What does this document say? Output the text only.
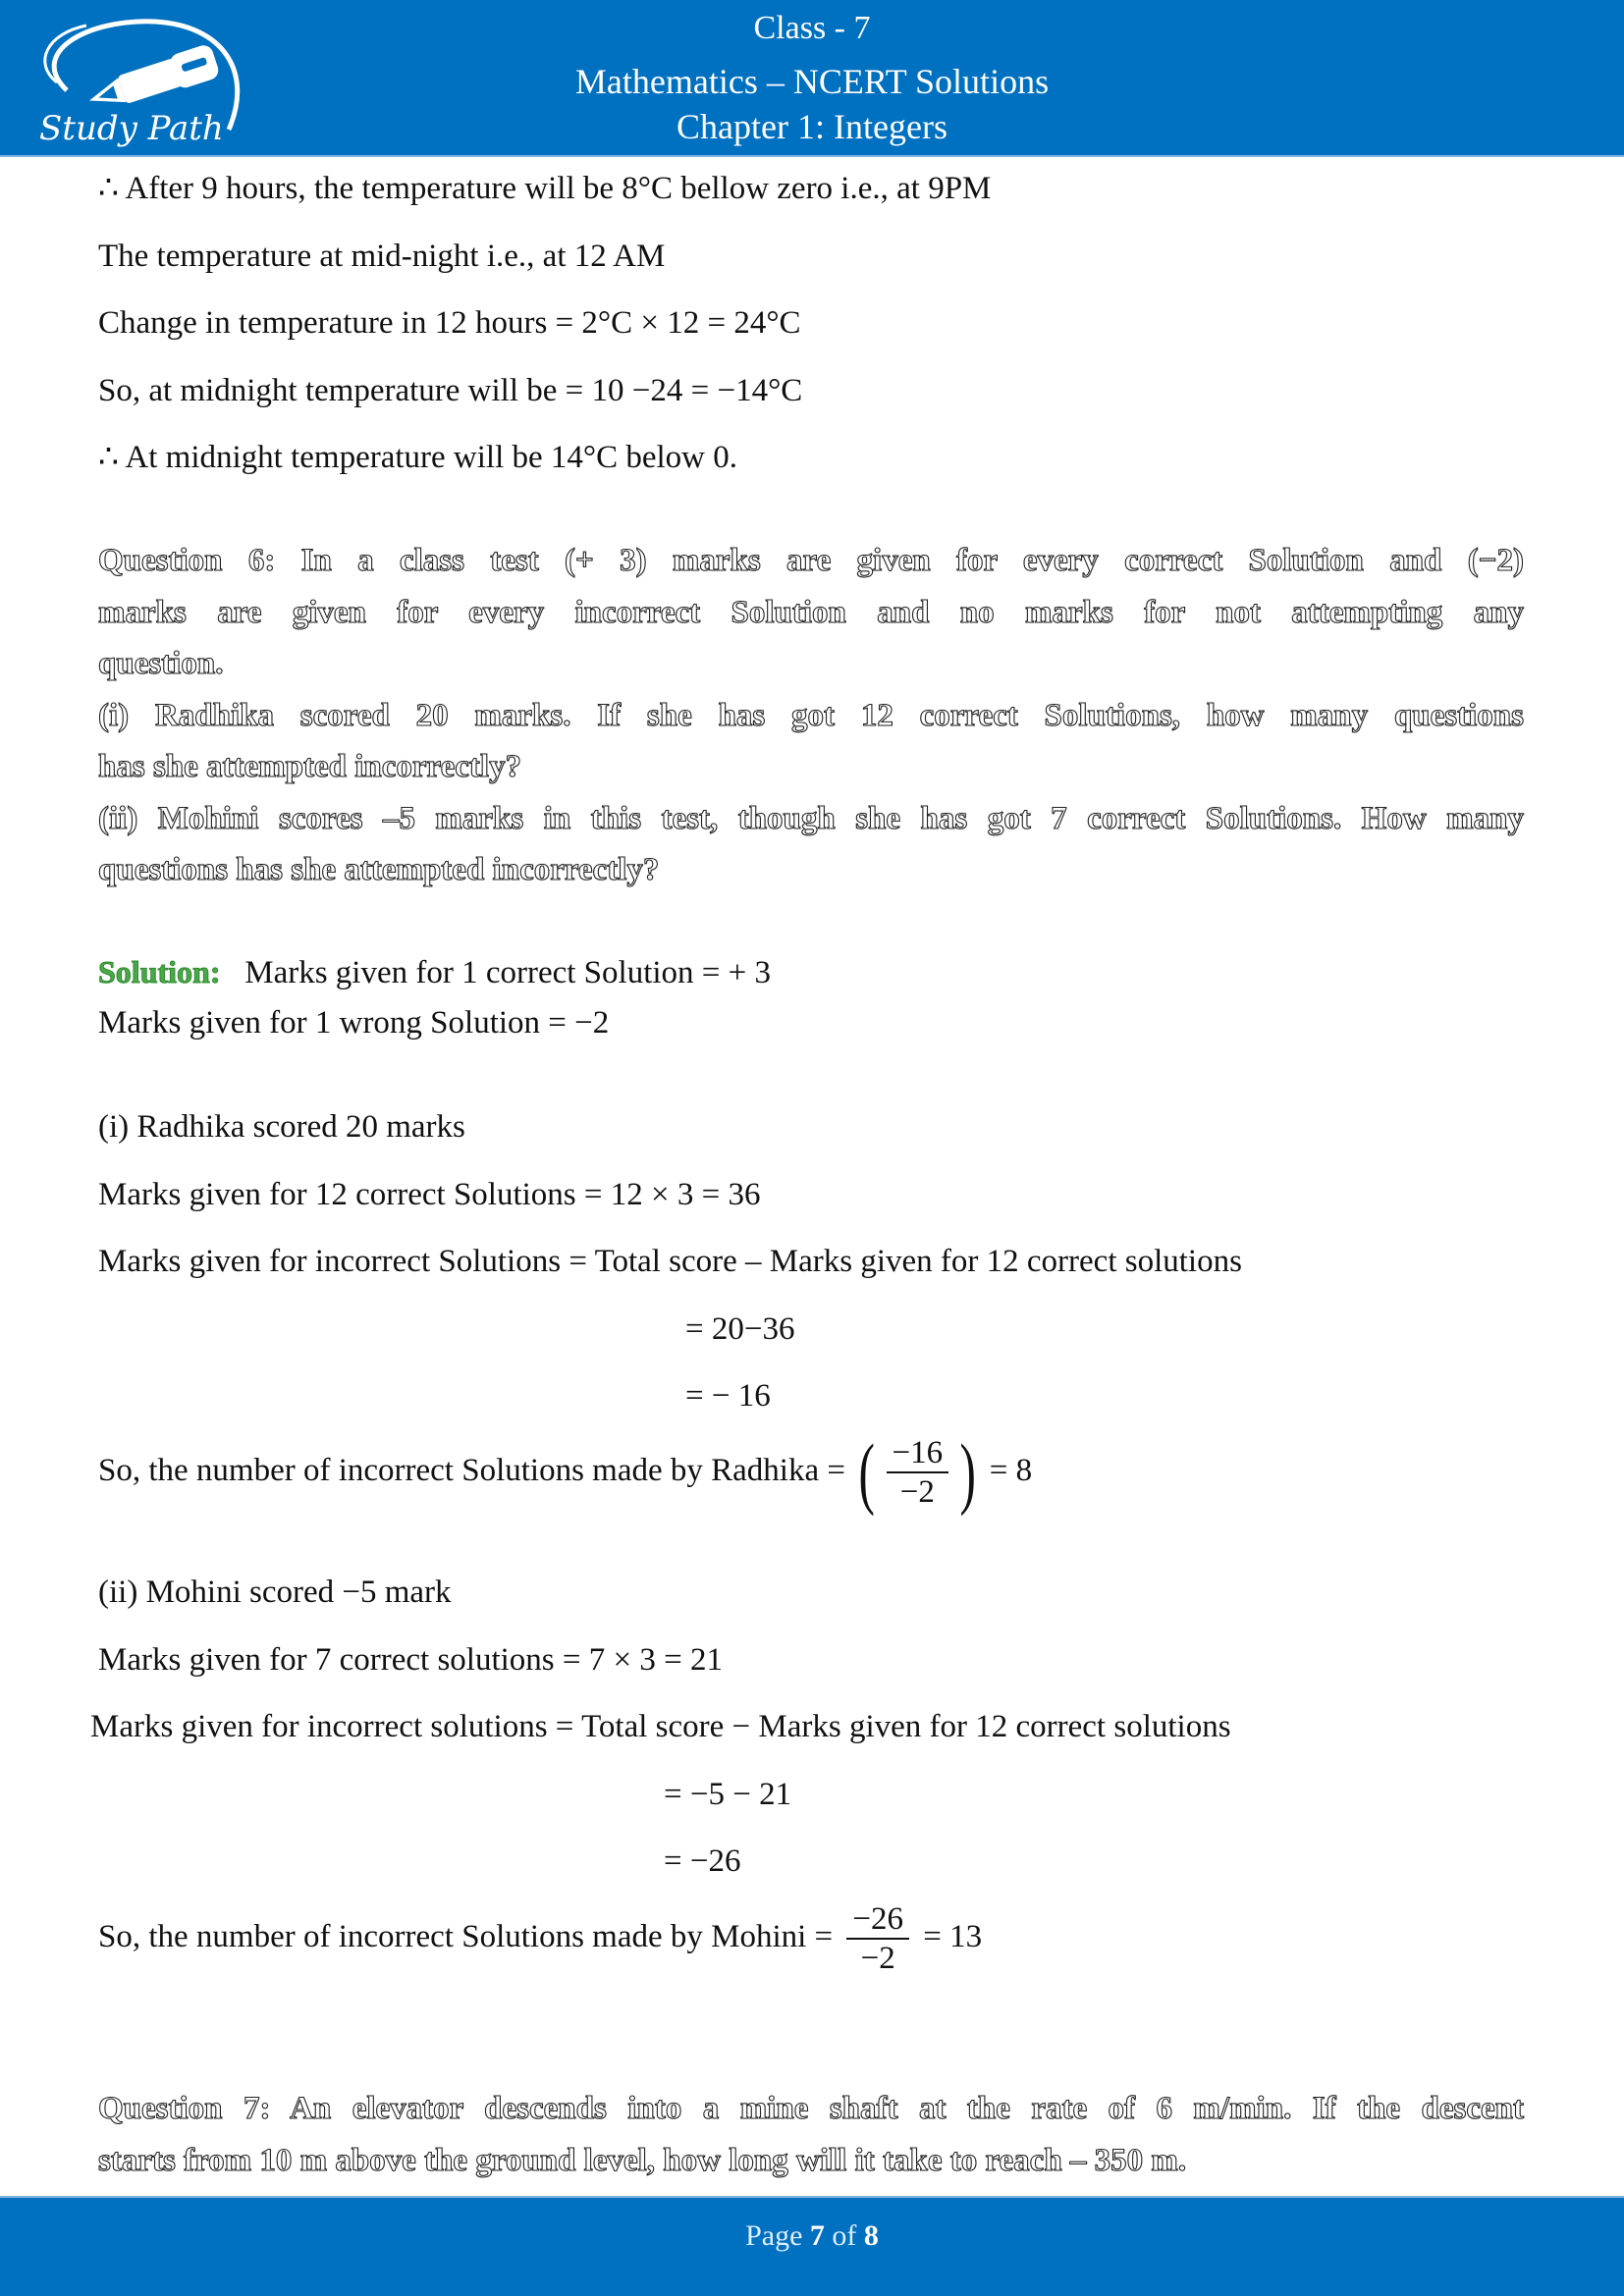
Study Path
Class - 7
Mathematics – NCERT Solutions
Chapter 1: Integers
∴ After 9 hours, the temperature will be 8°C bellow zero i.e., at 9PM
The temperature at mid-night i.e., at 12 AM
Change in temperature in 12 hours = 2°C × 12 = 24°C
So, at midnight temperature will be = 10 −24 = −14°C
∴ At midnight temperature will be 14°C below 0.

Question 6: In a class test (+ 3) marks are given for every correct Solution and (−2)

marks are given for every incorrect Solution and no marks for not attempting any

question.

(i) Radhika scored 20 marks. If she has got 12 correct Solutions, how many questions

has she attempted incorrectly?

(ii) Mohini scores –5 marks in this test, though she has got 7 correct Solutions. How many

questions has she attempted incorrectly?

Solution: Marks given for 1 correct Solution = + 3
Marks given for 1 wrong Solution = −2
(i) Radhika scored 20 marks
Marks given for 12 correct Solutions = 12 × 3 = 36
Marks given for incorrect Solutions = Total score – Marks given for 12 correct solutions
= 20−36
= − 16
So, the number of incorrect Solutions made by Radhika = ( $\frac{-16}{-2}$ ) = 8
(ii) Mohini scored −5 mark
Marks given for 7 correct solutions = 7 × 3 = 21
Marks given for incorrect solutions = Total score − Marks given for 12 correct solutions
= −5 − 21
= −26
So, the number of incorrect Solutions made by Mohini = $\frac{-26}{-2} = 13$

Question 7: An elevator descends into a mine shaft at the rate of 6 m/min. If the descent

starts from 10 m above the ground level, how long will it take to reach – 350 m.

Page 7 of 8
